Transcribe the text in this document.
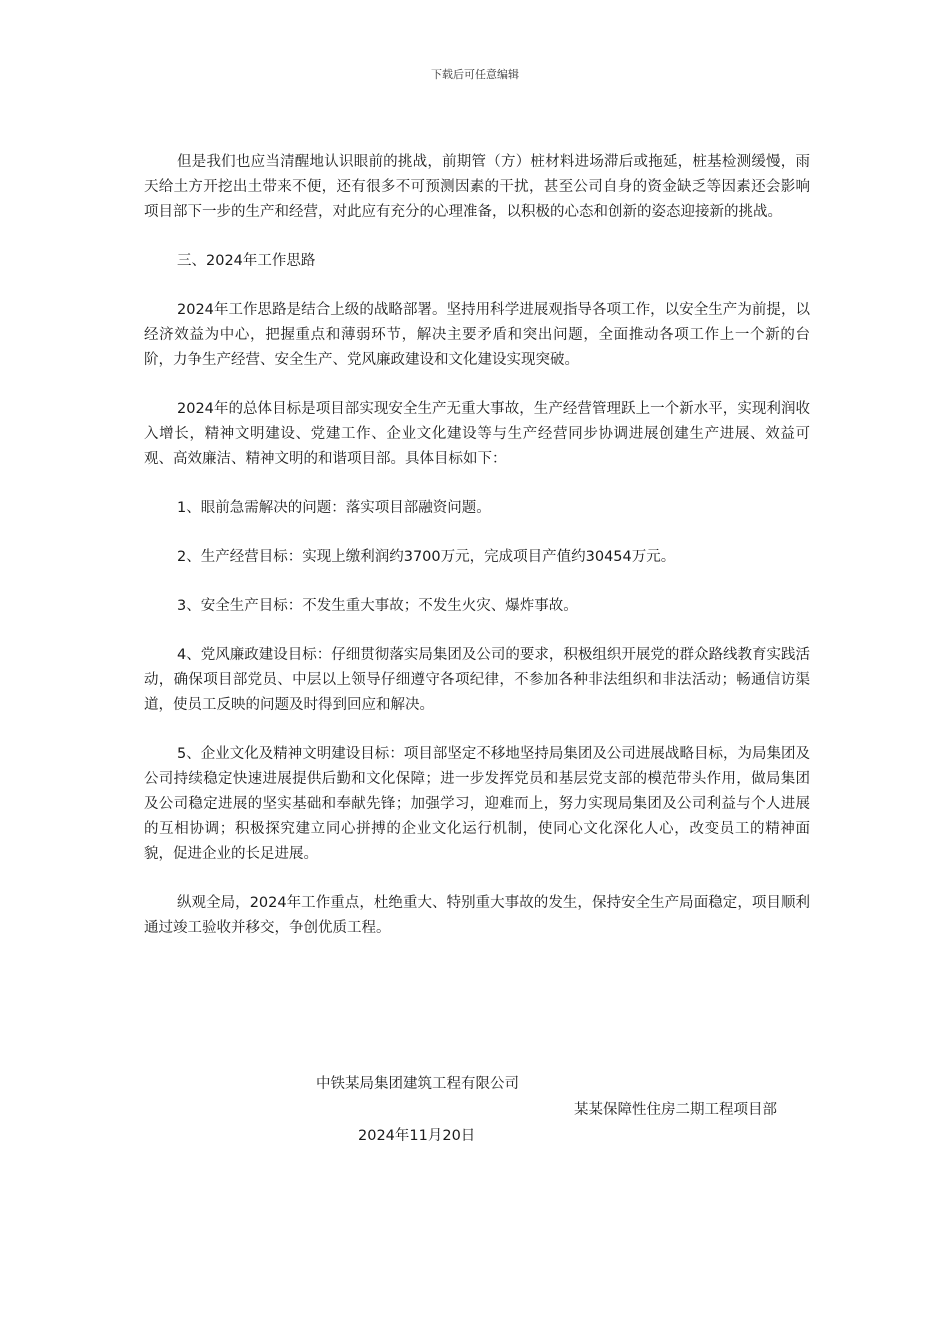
下载后可任意编辑

但是我们也应当清醒地认识眼前的挑战，前期管（方）桩材料进场滞后或拖延，桩基检测缓慢，雨天给土方开挖出土带来不便，还有很多不可预测因素的干扰，甚至公司自身的资金缺乏等因素还会影响项目部下一步的生产和经营，对此应有充分的心理准备，以积极的心态和创新的姿态迎接新的挑战。

三、2024年工作思路

2024年工作思路是结合上级的战略部署。坚持用科学进展观指导各项工作，以安全生产为前提，以经济效益为中心，把握重点和薄弱环节，解决主要矛盾和突出问题，全面推动各项工作上一个新的台阶，力争生产经营、安全生产、党风廉政建设和文化建设实现突破。

2024年的总体目标是项目部实现安全生产无重大事故，生产经营管理跃上一个新水平，实现利润收入增长，精神文明建设、党建工作、企业文化建设等与生产经营同步协调进展创建生产进展、效益可观、高效廉洁、精神文明的和谐项目部。具体目标如下：

1、眼前急需解决的问题：落实项目部融资问题。

2、生产经营目标：实现上缴利润约3700万元，完成项目产值约30454万元。

3、安全生产目标：不发生重大事故；不发生火灾、爆炸事故。

4、党风廉政建设目标：仔细贯彻落实局集团及公司的要求，积极组织开展党的群众路线教育实践活动，确保项目部党员、中层以上领导仔细遵守各项纪律，不参加各种非法组织和非法活动；畅通信访渠道，使员工反映的问题及时得到回应和解决。

5、企业文化及精神文明建设目标：项目部坚定不移地坚持局集团及公司进展战略目标，为局集团及公司持续稳定快速进展提供后勤和文化保障；进一步发挥党员和基层党支部的模范带头作用，做局集团及公司稳定进展的坚实基础和奉献先锋；加强学习，迎难而上，努力实现局集团及公司利益与个人进展的互相协调；积极探究建立同心拼搏的企业文化运行机制，使同心文化深化人心，改变员工的精神面貌，促进企业的长足进展。

纵观全局，2024年工作重点，杜绝重大、特别重大事故的发生，保持安全生产局面稳定，项目顺利通过竣工验收并移交，争创优质工程。

中铁某局集团建筑工程有限公司
某某保障性住房二期工程项目部
2024年11月20日
